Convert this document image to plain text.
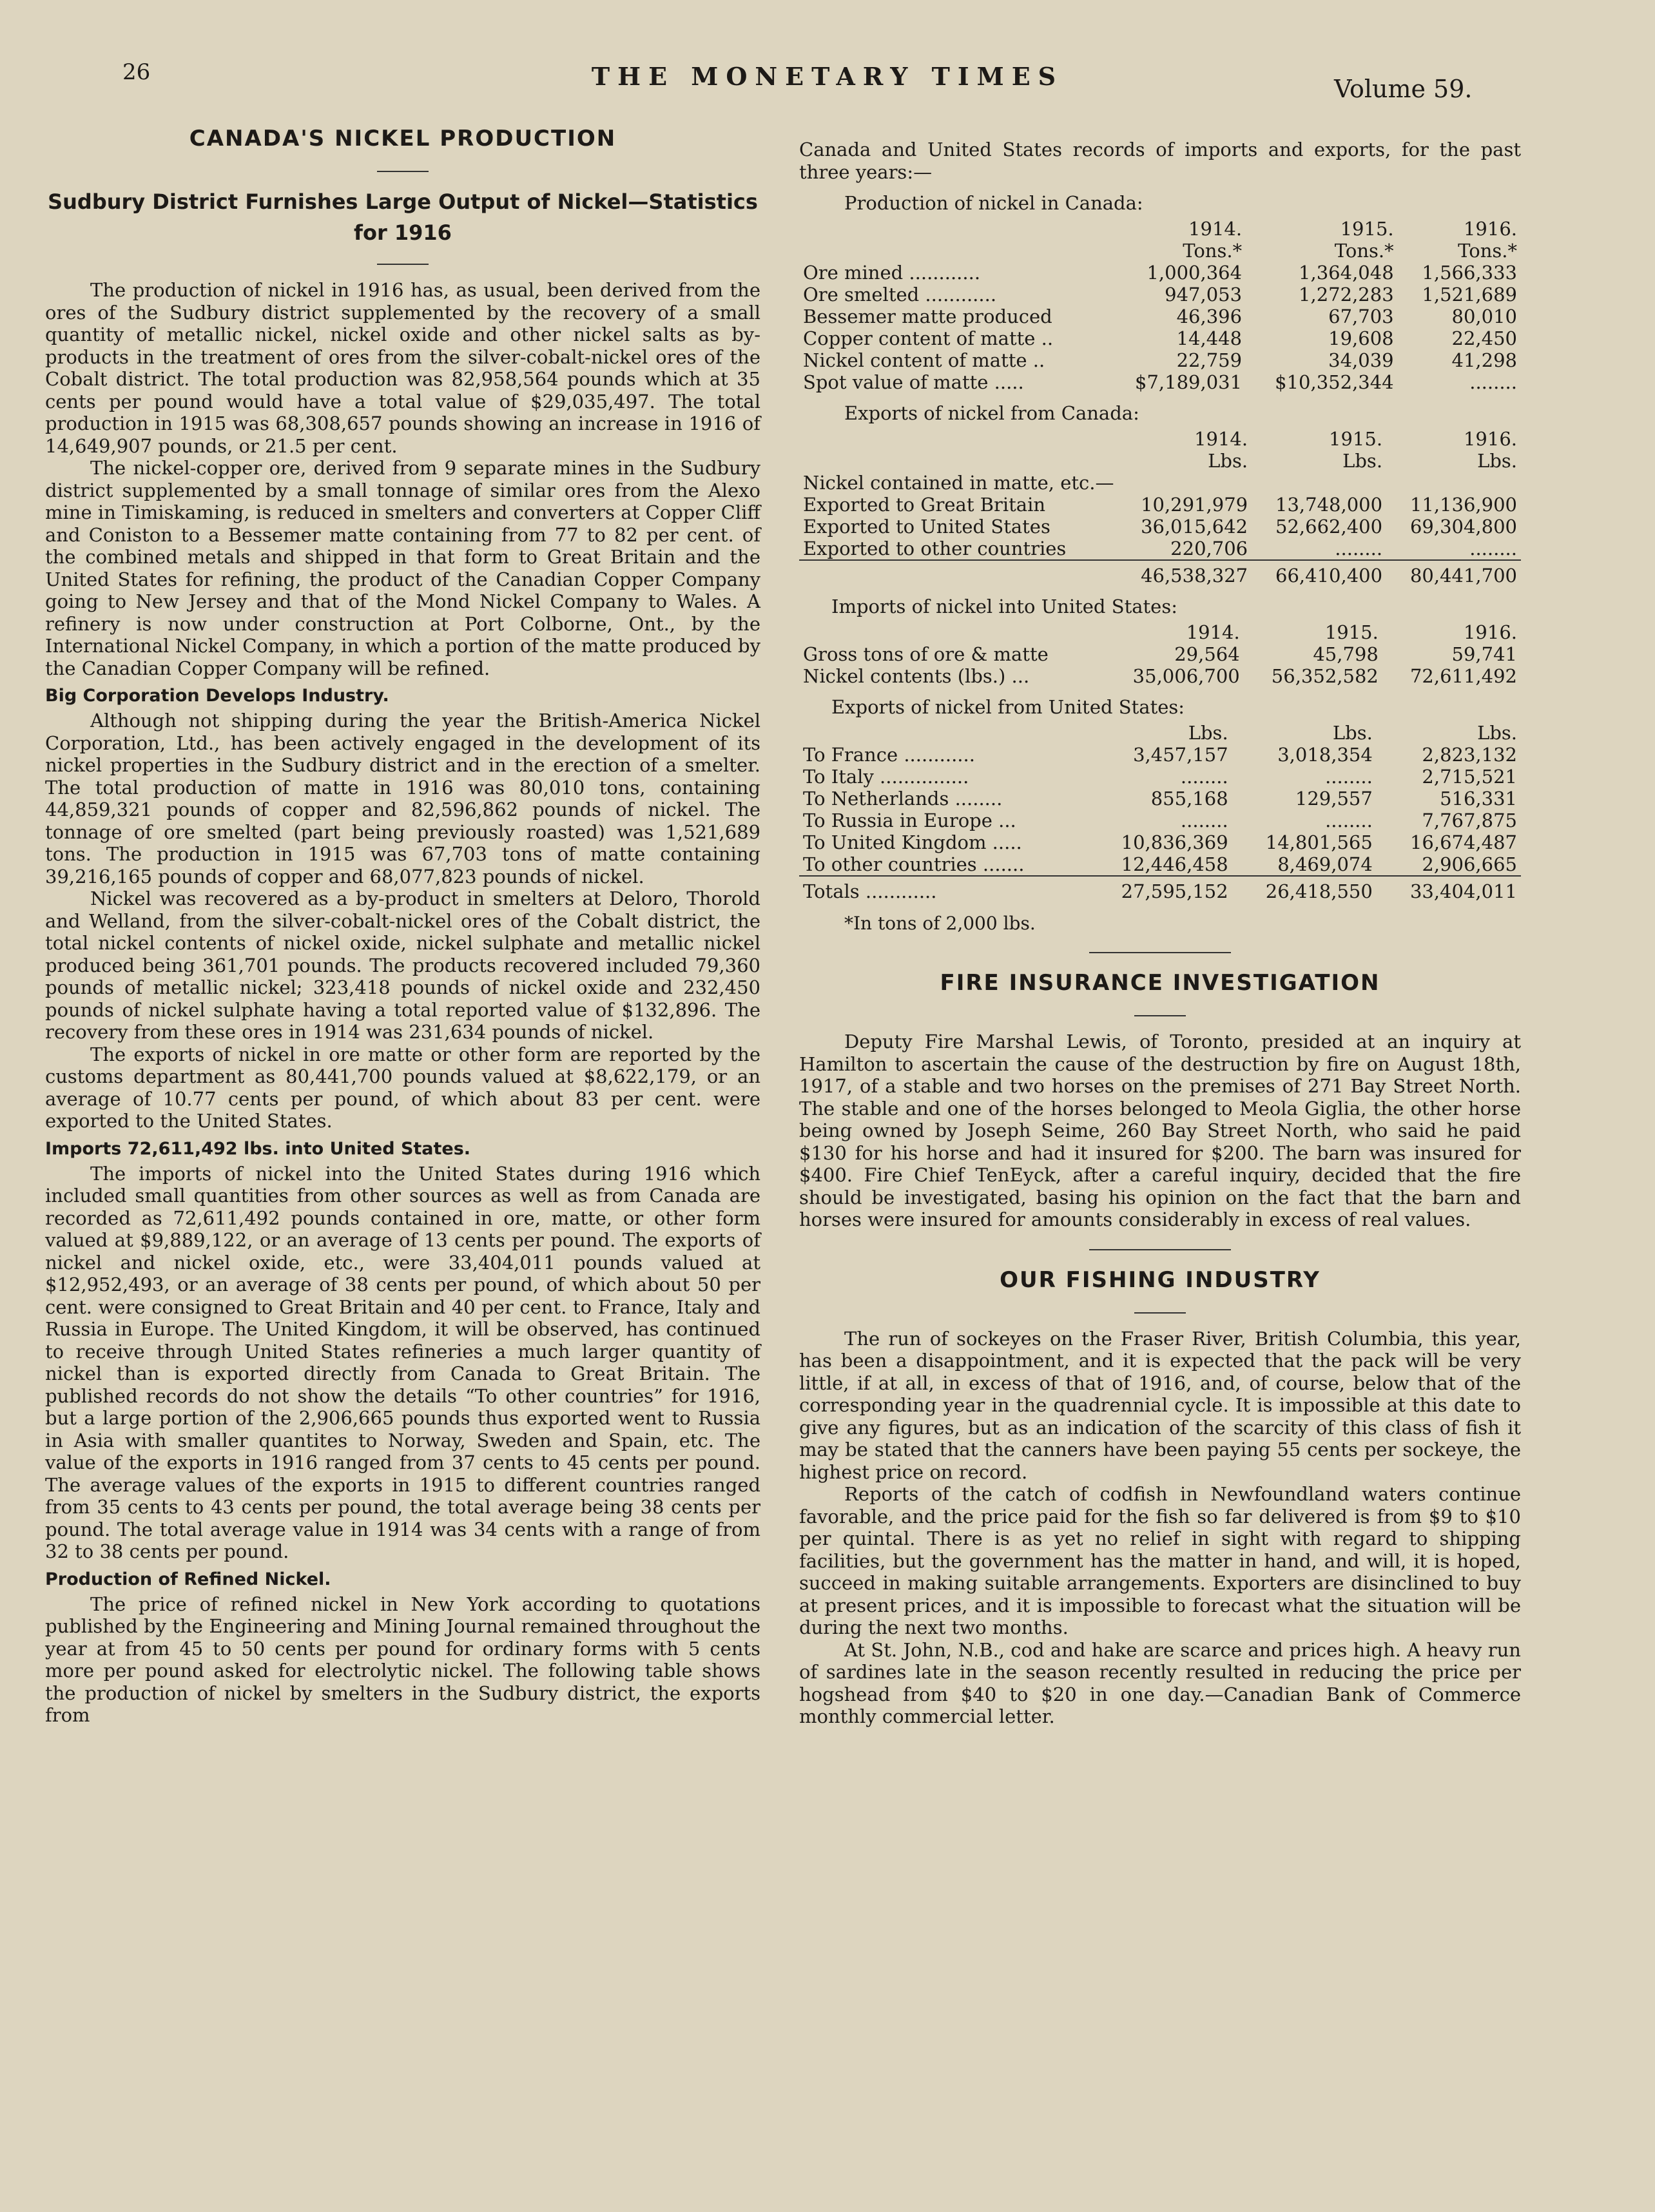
26	THE MONETARY TIMES	Volume 59.
CANADA'S NICKEL PRODUCTION
Sudbury District Furnishes Large Output of Nickel—Statistics for 1916

The production of nickel in 1916 has, as usual, been derived from the ores of the Sudbury district supplemented by the recovery of a small quantity of metallic nickel, nickel oxide and other nickel salts as by-products in the treatment of ores from the silver-cobalt-nickel ores of the Cobalt district. The total production was 82,958,564 pounds which at 35 cents per pound would have a total value of $29,035,497. The total production in 1915 was 68,308,657 pounds showing an increase in 1916 of 14,649,907 pounds, or 21.5 per cent.

The nickel-copper ore, derived from 9 separate mines in the Sudbury district supplemented by a small tonnage of similar ores from the Alexo mine in Timiskaming, is reduced in smelters and converters at Copper Cliff and Coniston to a Bessemer matte containing from 77 to 82 per cent. of the combined metals and shipped in that form to Great Britain and the United States for refining, the product of the Canadian Copper Company going to New Jersey and that of the Mond Nickel Company to Wales. A refinery is now under construction at Port Colborne, Ont., by the International Nickel Company, in which a portion of the matte produced by the Canadian Copper Company will be refined.

Big Corporation Develops Industry.

Although not shipping during the year the British-America Nickel Corporation, Ltd., has been actively engaged in the development of its nickel properties in the Sudbury district and in the erection of a smelter. The total production of matte in 1916 was 80,010 tons, containing 44,859,321 pounds of copper and 82,596,862 pounds of nickel. The tonnage of ore smelted (part being previously roasted) was 1,521,689 tons. The production in 1915 was 67,703 tons of matte containing 39,216,165 pounds of copper and 68,077,823 pounds of nickel.

Nickel was recovered as a by-product in smelters at Deloro, Thorold and Welland, from the silver-cobalt-nickel ores of the Cobalt district, the total nickel contents of nickel oxide, nickel sulphate and metallic nickel produced being 361,701 pounds. The products recovered included 79,360 pounds of metallic nickel; 323,418 pounds of nickel oxide and 232,450 pounds of nickel sulphate having a total reported value of $132,896. The recovery from these ores in 1914 was 231,634 pounds of nickel.

The exports of nickel in ore matte or other form are reported by the customs department as 80,441,700 pounds valued at $8,622,179, or an average of 10.77 cents per pound, of which about 83 per cent. were exported to the United States.

Imports 72,611,492 lbs. into United States.

The imports of nickel into the United States during 1916 which included small quantities from other sources as well as from Canada are recorded as 72,611,492 pounds contained in ore, matte, or other form valued at $9,889,122, or an average of 13 cents per pound. The exports of nickel and nickel oxide, etc., were 33,404,011 pounds valued at $12,952,493, or an average of 38 cents per pound, of which about 50 per cent. were consigned to Great Britain and 40 per cent. to France, Italy and Russia in Europe. The United Kingdom, it will be observed, has continued to receive through United States refineries a much larger quantity of nickel than is exported directly from Canada to Great Britain. The published records do not show the details “To other countries” for 1916, but a large portion of the 2,906,665 pounds thus exported went to Russia in Asia with smaller quantites to Norway, Sweden and Spain, etc. The value of the exports in 1916 ranged from 37 cents to 45 cents per pound. The average values of the exports in 1915 to different countries ranged from 35 cents to 43 cents per pound, the total average being 38 cents per pound. The total average value in 1914 was 34 cents with a range of from 32 to 38 cents per pound.

Production of Refined Nickel.

The price of refined nickel in New York according to quotations published by the Engineering and Mining Journal remained throughout the year at from 45 to 50 cents per pound for ordinary forms with 5 cents more per pound asked for electrolytic nickel. The following table shows the production of nickel by smelters in the Sudbury district, the exports from

Canada and United States records of imports and exports, for the past three years:—

Production of nickel in Canada:
	1914.	1915.	1916.
	Tons.*	Tons.*	Tons.*
Ore mined ............	1,000,364	1,364,048	1,566,333
Ore smelted ............	947,053	1,272,283	1,521,689
Bessemer matte produced	46,396	67,703	80,010
Copper content of matte ..	14,448	19,608	22,450
Nickel content of matte ..	22,759	34,039	41,298
Spot value of matte .....	$7,189,031	$10,352,344	........
Exports of nickel from Canada:
	1914.	1915.	1916.
	Lbs.	Lbs.	Lbs.
Nickel contained in matte, etc.—			
Exported to Great Britain	10,291,979	13,748,000	11,136,900
Exported to United States	36,015,642	52,662,400	69,304,800
Exported to other countries	220,706	........	........
	46,538,327	66,410,400	80,441,700
Imports of nickel into United States:
	1914.	1915.	1916.
Gross tons of ore & matte	29,564	45,798	59,741
Nickel contents (lbs.) ...	35,006,700	56,352,582	72,611,492
Exports of nickel from United States:
	Lbs.	Lbs.	Lbs.
To France ............	3,457,157	3,018,354	2,823,132
To Italy ...............	........	........	2,715,521
To Netherlands ........	855,168	129,557	516,331
To Russia in Europe ...	........	........	7,767,875
To United Kingdom .....	10,836,369	14,801,565	16,674,487
To other countries .......	12,446,458	8,469,074	2,906,665
Totals ............	27,595,152	26,418,550	33,404,011
*In tons of 2,000 lbs.
FIRE INSURANCE INVESTIGATION

Deputy Fire Marshal Lewis, of Toronto, presided at an inquiry at Hamilton to ascertain the cause of the destruction by fire on August 18th, 1917, of a stable and two horses on the premises of 271 Bay Street North. The stable and one of the horses belonged to Meola Giglia, the other horse being owned by Joseph Seime, 260 Bay Street North, who said he paid $130 for his horse and had it insured for $200. The barn was insured for $400. Fire Chief TenEyck, after a careful inquiry, decided that the fire should be investigated, basing his opinion on the fact that the barn and horses were insured for amounts considerably in excess of real values.

OUR FISHING INDUSTRY

The run of sockeyes on the Fraser River, British Columbia, this year, has been a disappointment, and it is expected that the pack will be very little, if at all, in excess of that of 1916, and, of course, below that of the corresponding year in the quadrennial cycle. It is impossible at this date to give any figures, but as an indication of the scarcity of this class of fish it may be stated that the canners have been paying 55 cents per sockeye, the highest price on record.

Reports of the catch of codfish in Newfoundland waters continue favorable, and the price paid for the fish so far delivered is from $9 to $10 per quintal. There is as yet no relief in sight with regard to shipping facilities, but the government has the matter in hand, and will, it is hoped, succeed in making suitable arrangements. Exporters are disinclined to buy at present prices, and it is impossible to forecast what the situation will be during the next two months.

At St. John, N.B., cod and hake are scarce and prices high. A heavy run of sardines late in the season recently resulted in reducing the price per hogshead from $40 to $20 in one day.—Canadian Bank of Commerce monthly commercial letter.
